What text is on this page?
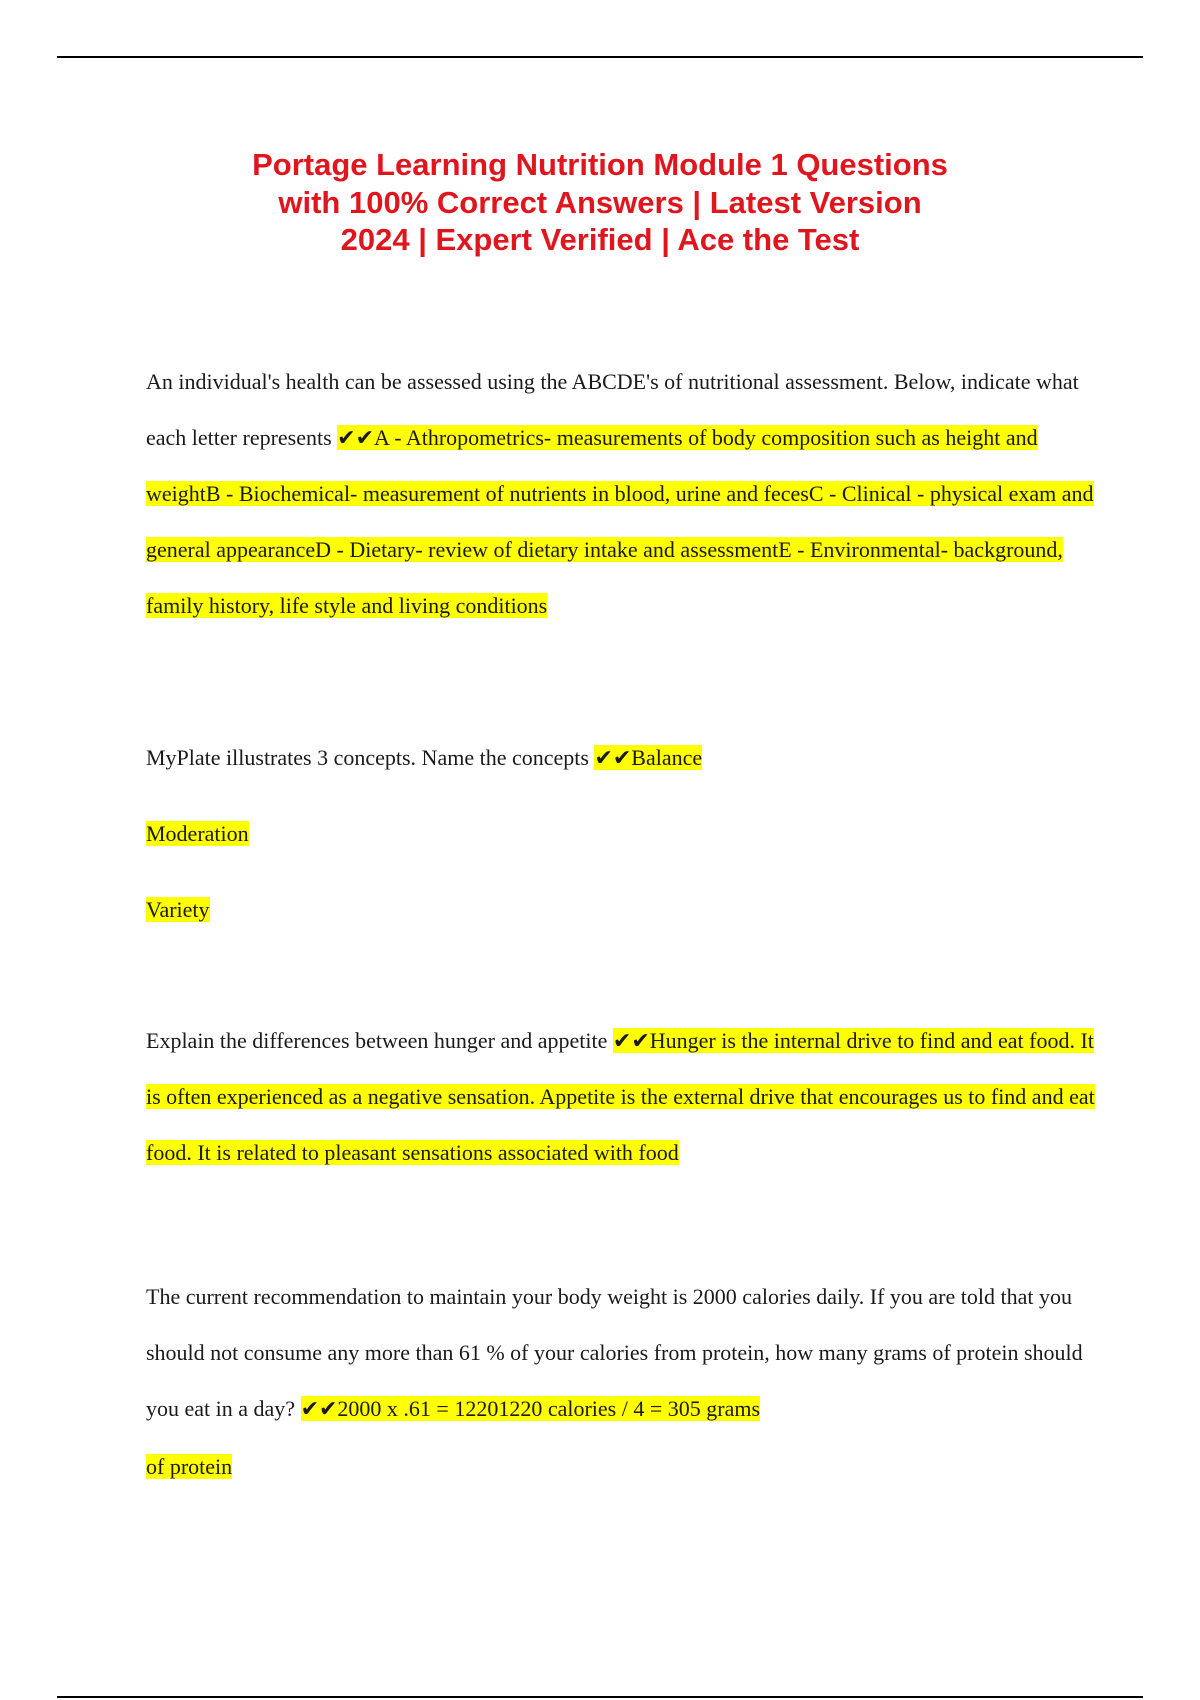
Portage Learning Nutrition Module 1 Questions
with 100% Correct Answers | Latest Version
2024 | Expert Verified | Ace the Test

An individual's health can be assessed using the ABCDE's of nutritional assessment. Below, indicate what each letter represents ✔✔A - Athropometrics- measurements of body composition such as height and weightB - Biochemical- measurement of nutrients in blood, urine and fecesC - Clinical - physical exam and general appearanceD - Dietary- review of dietary intake and assessmentE - Environmental- background, family history, life style and living conditions

MyPlate illustrates 3 concepts. Name the concepts ✔✔Balance

Moderation
Variety

Explain the differences between hunger and appetite ✔✔Hunger is the internal drive to find and eat food. It is often experienced as a negative sensation. Appetite is the external drive that encourages us to find and eat food. It is related to pleasant sensations associated with food

The current recommendation to maintain your body weight is 2000 calories daily. If you are told that you should not consume any more than 61 % of your calories from protein, how many grams of protein should you eat in a day? ✔✔2000 x .61 = 12201220 calories / 4 = 305 grams
of protein
